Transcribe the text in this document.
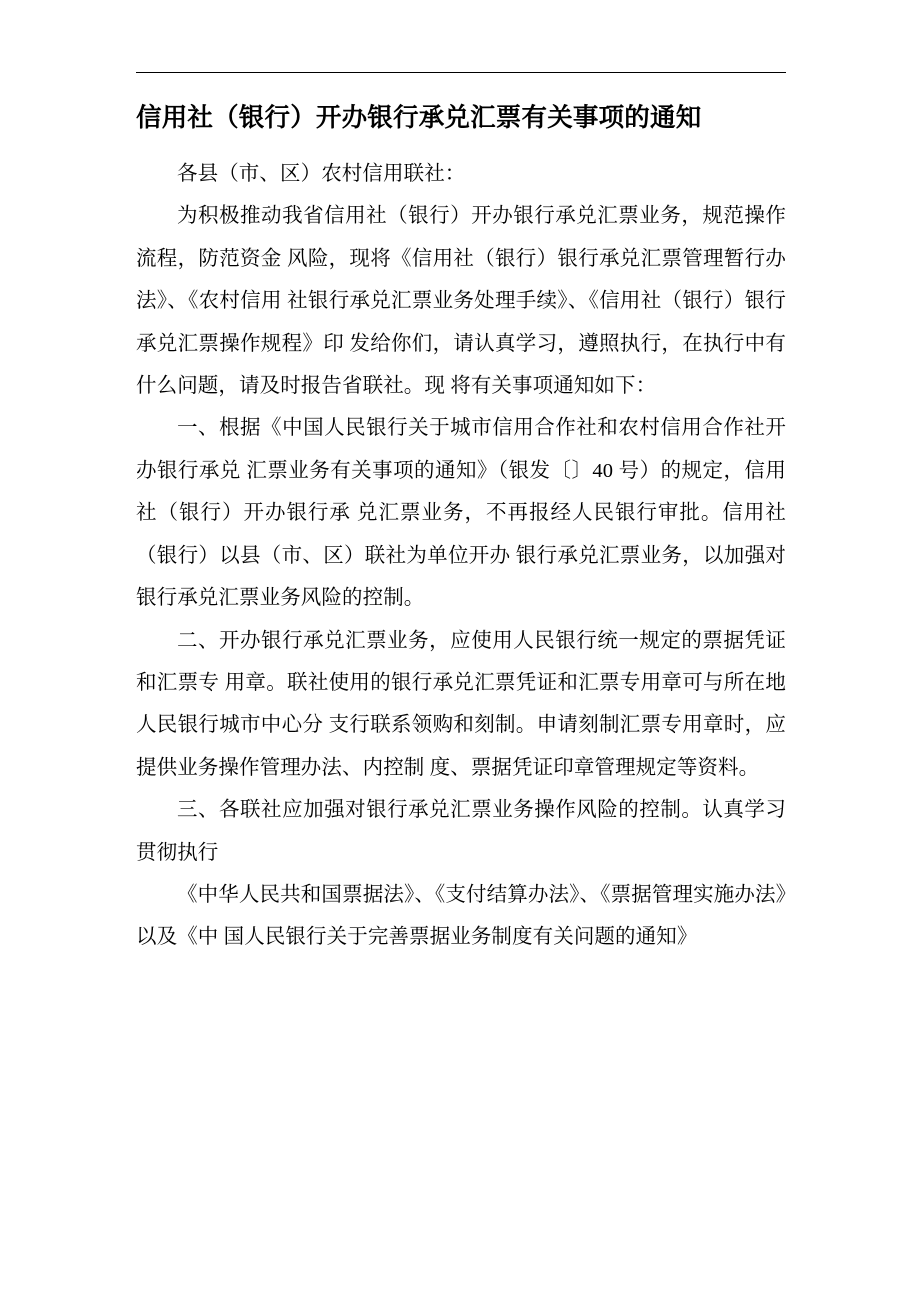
信用社（银行）开办银行承兑汇票有关事项的通知

各县（市、区）农村信用联社：

为积极推动我省信用社（银行）开办银行承兑汇票业务，规范操作流程，防范资金 风险，现将《信用社（银行）银行承兑汇票管理暂行办法》、《农村信用 社银行承兑汇票业务处理手续》、《信用社（银行）银行承兑汇票操作规程》印 发给你们，请认真学习，遵照执行，在执行中有什么问题，请及时报告省联社。现 将有关事项通知如下：

一、根据《中国人民银行关于城市信用合作社和农村信用合作社开办银行承兑 汇票业务有关事项的通知》（银发〔〕40 号）的规定，信用社（银行）开办银行承 兑汇票业务，不再报经人民银行审批。信用社（银行）以县（市、区）联社为单位开办 银行承兑汇票业务，以加强对银行承兑汇票业务风险的控制。

二、开办银行承兑汇票业务，应使用人民银行统一规定的票据凭证和汇票专 用章。联社使用的银行承兑汇票凭证和汇票专用章可与所在地人民银行城市中心分 支行联系领购和刻制。申请刻制汇票专用章时，应提供业务操作管理办法、内控制 度、票据凭证印章管理规定等资料。

三、各联社应加强对银行承兑汇票业务操作风险的控制。认真学习贯彻执行

《中华人民共和国票据法》、《支付结算办法》、《票据管理实施办法》以及《中 国人民银行关于完善票据业务制度有关问题的通知》
